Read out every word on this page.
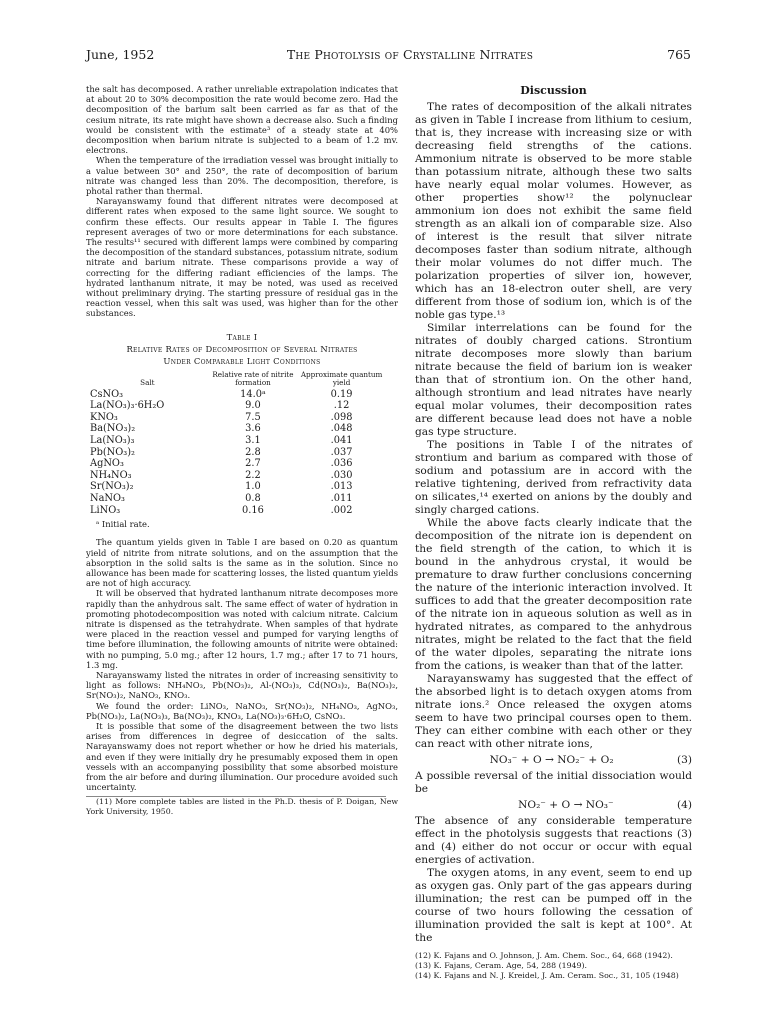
June, 1952	The Photolysis of Crystalline Nitrates	765

the salt has decomposed. A rather unreliable extrapolation indicates that at about 20 to 30% decomposition the rate would become zero. Had the decomposition of the barium salt been carried as far as that of the cesium nitrate, its rate might have shown a decrease also. Such a finding would be consistent with the estimate³ of a steady state at 40% decomposition when barium nitrate is subjected to a beam of 1.2 mv. electrons.

When the temperature of the irradiation vessel was brought initially to a value between 30° and 250°, the rate of decomposition of barium nitrate was changed less than 20%. The decomposition, therefore, is photal rather than thermal.

Narayanswamy found that different nitrates were decomposed at different rates when exposed to the same light source. We sought to confirm these effects. Our results appear in Table I. The figures represent averages of two or more determinations for each substance. The results¹¹ secured with different lamps were combined by comparing the decomposition of the standard substances, potassium nitrate, sodium nitrate and barium nitrate. These comparisons provide a way of correcting for the differing radiant efficiencies of the lamps. The hydrated lanthanum nitrate, it may be noted, was used as received without preliminary drying. The starting pressure of residual gas in the reaction vessel, when this salt was used, was higher than for the other substances.

Table I
Relative Rates of Decomposition of Several Nitrates
Under Comparable Light Conditions
Salt	Relative rate of nitrite formation	Approximate quantum yield
CsNO₃	14.0ᵃ	0.19
La(NO₃)₃·6H₂O	9.0	.12
KNO₃	7.5	.098
Ba(NO₃)₂	3.6	.048
La(NO₃)₃	3.1	.041
Pb(NO₃)₂	2.8	.037
AgNO₃	2.7	.036
NH₄NO₃	2.2	.030
Sr(NO₃)₂	1.0	.013
NaNO₃	0.8	.011
LiNO₃	0.16	.002
ᵃ Initial rate.

The quantum yields given in Table I are based on 0.20 as quantum yield of nitrite from nitrate solutions, and on the assumption that the absorption in the solid salts is the same as in the solution. Since no allowance has been made for scattering losses, the listed quantum yields are not of high accuracy.

It will be observed that hydrated lanthanum nitrate decomposes more rapidly than the anhydrous salt. The same effect of water of hydration in promoting photodecomposition was noted with calcium nitrate. Calcium nitrate is dispensed as the tetrahydrate. When samples of that hydrate were placed in the reaction vessel and pumped for varying lengths of time before illumination, the following amounts of nitrite were obtained: with no pumping, 5.0 mg.; after 12 hours, 1.7 mg.; after 17 to 71 hours, 1.3 mg.

Narayanswamy listed the nitrates in order of increasing sensitivity to light as follows: NH₄NO₃, Pb(NO₃)₂, Al-(NO₃)₃, Cd(NO₃)₂, Ba(NO₃)₂, Sr(NO₃)₂, NaNO₃, KNO₃.

We found the order: LiNO₃, NaNO₃, Sr(NO₃)₂, NH₄NO₃, AgNO₃, Pb(NO₃)₂, La(NO₃)₃, Ba(NO₃)₂, KNO₃, La(NO₃)₃·6H₂O, CsNO₃.

It is possible that some of the disagreement between the two lists arises from differences in degree of desiccation of the salts. Narayanswamy does not report whether or how he dried his materials, and even if they were initially dry he presumably exposed them in open vessels with an accompanying possibility that some absorbed moisture from the air before and during illumination. Our procedure avoided such uncertainty.

(11) More complete tables are listed in the Ph.D. thesis of P. Doigan, New York University, 1950.

Discussion

The rates of decomposition of the alkali nitrates as given in Table I increase from lithium to cesium, that is, they increase with increasing size or with decreasing field strengths of the cations. Ammonium nitrate is observed to be more stable than potassium nitrate, although these two salts have nearly equal molar volumes. However, as other properties show¹² the polynuclear ammonium ion does not exhibit the same field strength as an alkali ion of comparable size. Also of interest is the result that silver nitrate decomposes faster than sodium nitrate, although their molar volumes do not differ much. The polarization properties of silver ion, however, which has an 18-electron outer shell, are very different from those of sodium ion, which is of the noble gas type.¹³

Similar interrelations can be found for the nitrates of doubly charged cations. Strontium nitrate decomposes more slowly than barium nitrate because the field of barium ion is weaker than that of strontium ion. On the other hand, although strontium and lead nitrates have nearly equal molar volumes, their decomposition rates are different because lead does not have a noble gas type structure.

The positions in Table I of the nitrates of strontium and barium as compared with those of sodium and potassium are in accord with the relative tightening, derived from refractivity data on silicates,¹⁴ exerted on anions by the doubly and singly charged cations.

While the above facts clearly indicate that the decomposition of the nitrate ion is dependent on the field strength of the cation, to which it is bound in the anhydrous crystal, it would be premature to draw further conclusions concerning the nature of the interionic interaction involved. It suffices to add that the greater decomposition rate of the nitrate ion in aqueous solution as well as in hydrated nitrates, as compared to the anhydrous nitrates, might be related to the fact that the field of the water dipoles, separating the nitrate ions from the cations, is weaker than that of the latter.

Narayanswamy has suggested that the effect of the absorbed light is to detach oxygen atoms from nitrate ions.² Once released the oxygen atoms seem to have two principal courses open to them. They can either combine with each other or they can react with other nitrate ions,

NO₃⁻ + O → NO₂⁻ + O₂	(3)

A possible reversal of the initial dissociation would be

NO₂⁻ + O → NO₃⁻	(4)

The absence of any considerable temperature effect in the photolysis suggests that reactions (3) and (4) either do not occur or occur with equal energies of activation.

The oxygen atoms, in any event, seem to end up as oxygen gas. Only part of the gas appears during illumination; the rest can be pumped off in the course of two hours following the cessation of illumination provided the salt is kept at 100°. At the

(12) K. Fajans and O. Johnson, J. Am. Chem. Soc., 64, 668 (1942).
(13) K. Fajans, Ceram. Age, 54, 288 (1949).
(14) K. Fajans and N. J. Kreidel, J. Am. Ceram. Soc., 31, 105 (1948)
